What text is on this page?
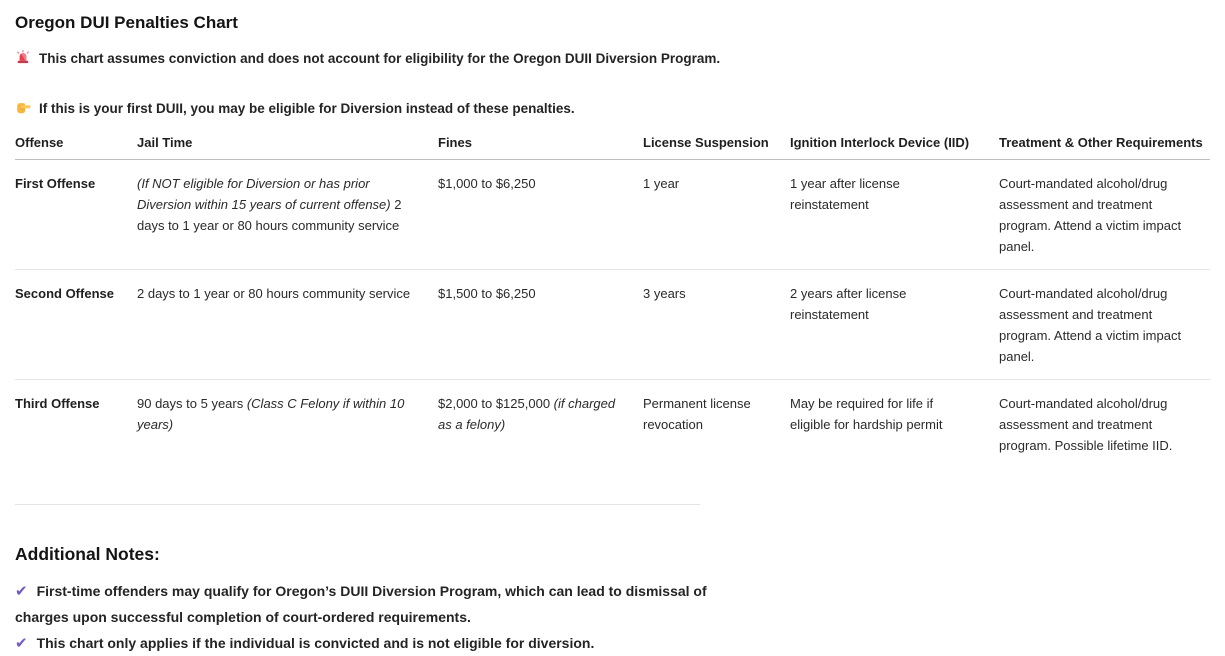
Oregon DUI Penalties Chart

This chart assumes conviction and does not account for eligibility for the Oregon DUII Diversion Program.

If this is your first DUII, you may be eligible for Diversion instead of these penalties.

Offense	Jail Time	Fines	License Suspension	Ignition Interlock Device (IID)	Treatment & Other Requirements
First Offense	(If NOT eligible for Diversion or has prior Diversion within 15 years of current offense) 2 days to 1 year or 80 hours community service	$1,000 to $6,250	1 year	1 year after license reinstatement	Court-mandated alcohol/drug assessment and treatment program. Attend a victim impact panel.
Second Offense	2 days to 1 year or 80 hours community service	$1,500 to $6,250	3 years	2 years after license reinstatement	Court-mandated alcohol/drug assessment and treatment program. Attend a victim impact panel.
Third Offense	90 days to 5 years (Class C Felony if within 10 years)	$2,000 to $125,000 (if charged as a felony)	Permanent license revocation	May be required for life if eligible for hardship permit	Court-mandated alcohol/drug assessment and treatment program. Possible lifetime IID.
Additional Notes:

✔ First-time offenders may qualify for Oregon’s DUII Diversion Program, which can lead to dismissal of charges upon successful completion of court-ordered requirements.

✔ This chart only applies if the individual is convicted and is not eligible for diversion.
